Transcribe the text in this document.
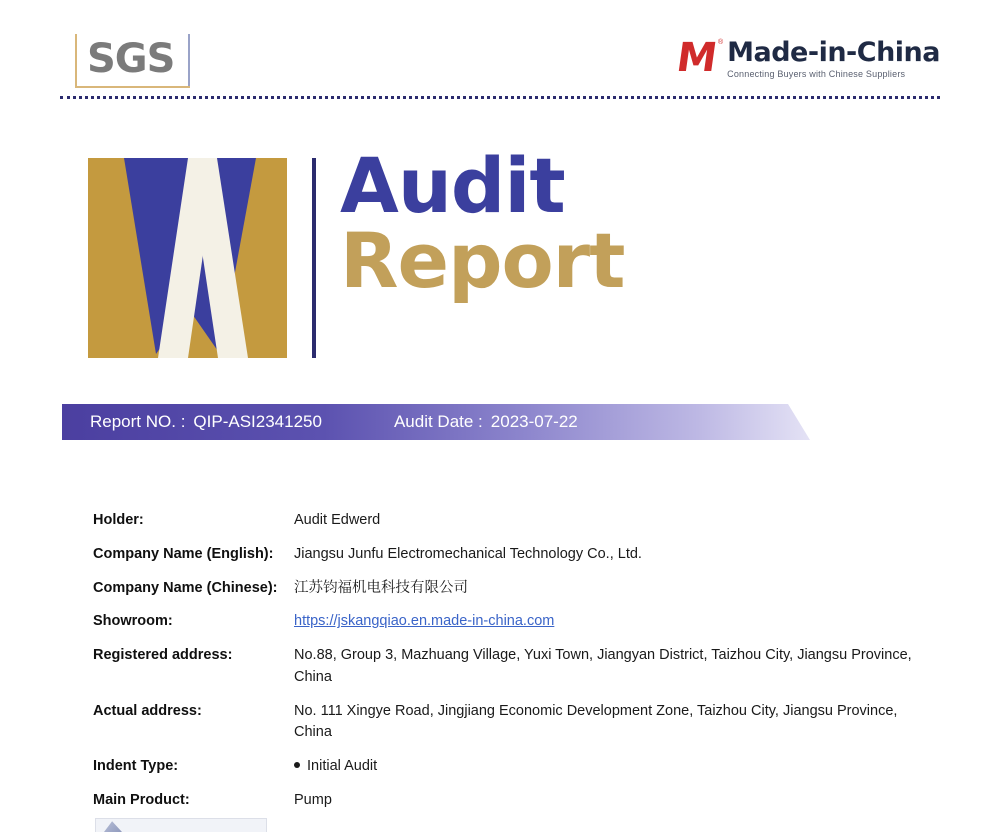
SGS	M ® Made-in-China
Connecting Buyers with Chinese Suppliers
Audit
Report
Report NO. : QIP-ASI2341250	Audit Date : 2023-07-22
Holder:	Audit Edwerd
Company Name (English):	Jiangsu Junfu Electromechanical Technology Co., Ltd.
Company Name (Chinese):	江苏钧福机电科技有限公司
Showroom:	https://jskangqiao.en.made-in-china.com
Registered address:	No.88, Group 3, Mazhuang Village, Yuxi Town, Jiangyan District, Taizhou City, Jiangsu Province, China
Actual address:	No. 111 Xingye Road, Jingjiang Economic Development Zone, Taizhou City, Jiangsu Province, China
Indent Type:	Initial Audit
Main Product:	Pump
